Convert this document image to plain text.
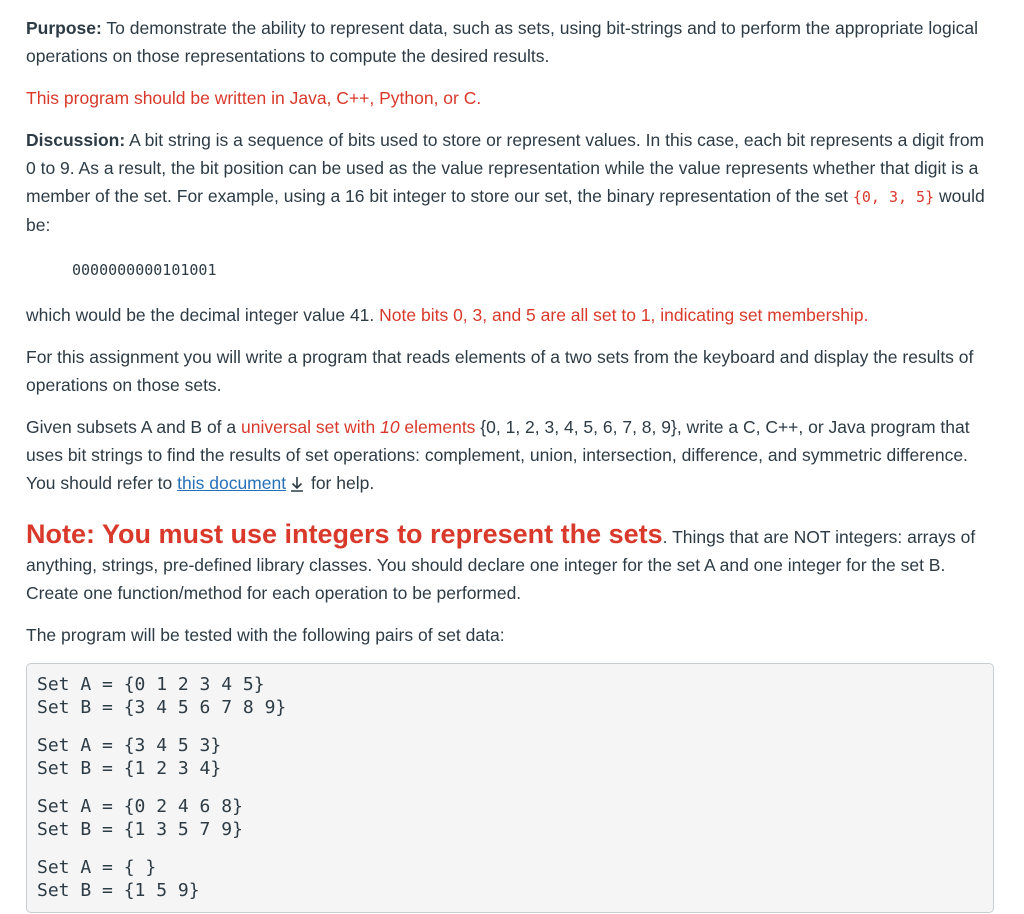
Purpose: To demonstrate the ability to represent data, such as sets, using bit-strings and to perform the appropriate logical operations on those representations to compute the desired results.

This program should be written in Java, C++, Python, or C.

Discussion: A bit string is a sequence of bits used to store or represent values. In this case, each bit represents a digit from 0 to 9. As a result, the bit position can be used as the value representation while the value represents whether that digit is a member of the set. For example, using a 16 bit integer to store our set, the binary representation of the set {0, 3, 5} would be:

0000000000101001

which would be the decimal integer value 41. Note bits 0, 3, and 5 are all set to 1, indicating set membership.

For this assignment you will write a program that reads elements of a two sets from the keyboard and display the results of operations on those sets.

Given subsets A and B of a universal set with 10 elements {0, 1, 2, 3, 4, 5, 6, 7, 8, 9}, write a C, C++, or Java program that uses bit strings to find the results of set operations: complement, union, intersection, difference, and symmetric difference. You should refer to this document for help.

Note: You must use integers to represent the sets. Things that are NOT integers: arrays of anything, strings, pre-defined library classes. You should declare one integer for the set A and one integer for the set B. Create one function/method for each operation to be performed.

The program will be tested with the following pairs of set data:

Set A = {0 1 2 3 4 5}
Set B = {3 4 5 6 7 8 9}
Set A = {3 4 5 3}
Set B = {1 2 3 4}
Set A = {0 2 4 6 8}
Set B = {1 3 5 7 9}
Set A = { }
Set B = {1 5 9}
